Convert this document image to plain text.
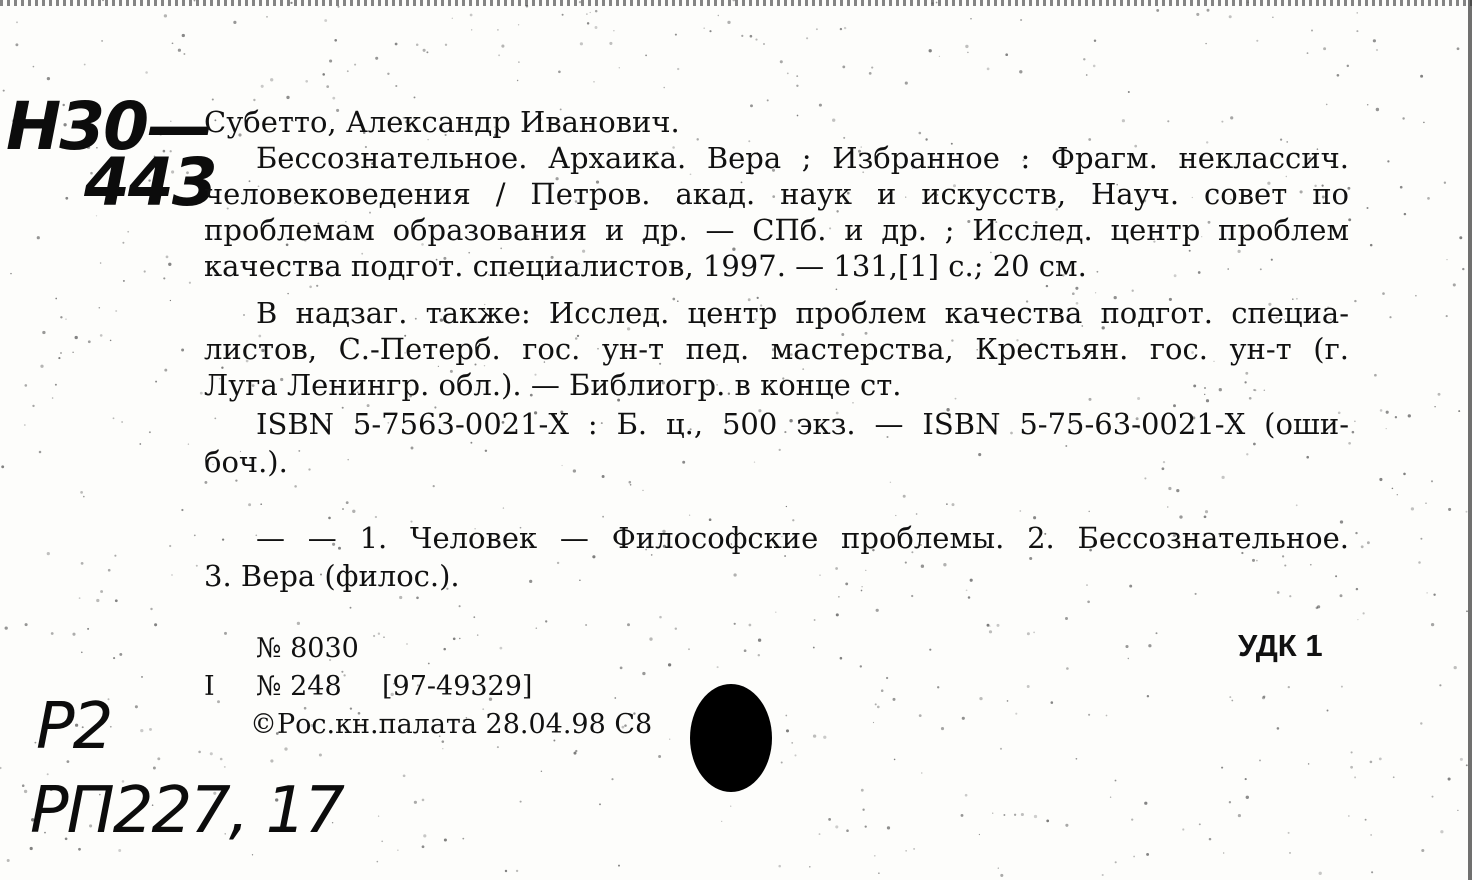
Н30—
443
Субетто, Александр Иванович.
Бессознательное. Архаика. Вера ; Избранное : Фрагм. неклассич.
человековедения / Петров. акад. наук и искусств, Науч. совет по
проблемам образования и др. — СПб. и др. ; Исслед. центр проблем
качества подгот. специалистов, 1997. — 131,[1] с.; 20 см.
В надзаг. также: Исслед. центр проблем качества подгот. специа-
листов, С.-Петерб. гос. ун-т пед. мастерства, Крестьян. гос. ун-т (г.
Луга Ленингр. обл.). — Библиогр. в конце ст.
ISBN 5-7563-0021-Х : Б. ц., 500 экз. — ISBN 5-75-63-0021-Х (оши-
боч.).
— — 1. Человек — Философские проблемы. 2. Бессознательное.
3. Вера (филос.).
№ 8030	УДК 1
I № 248 [97-49329]
©Рос.кн.палата 28.04.98 С8
Р2
РП227, 17
